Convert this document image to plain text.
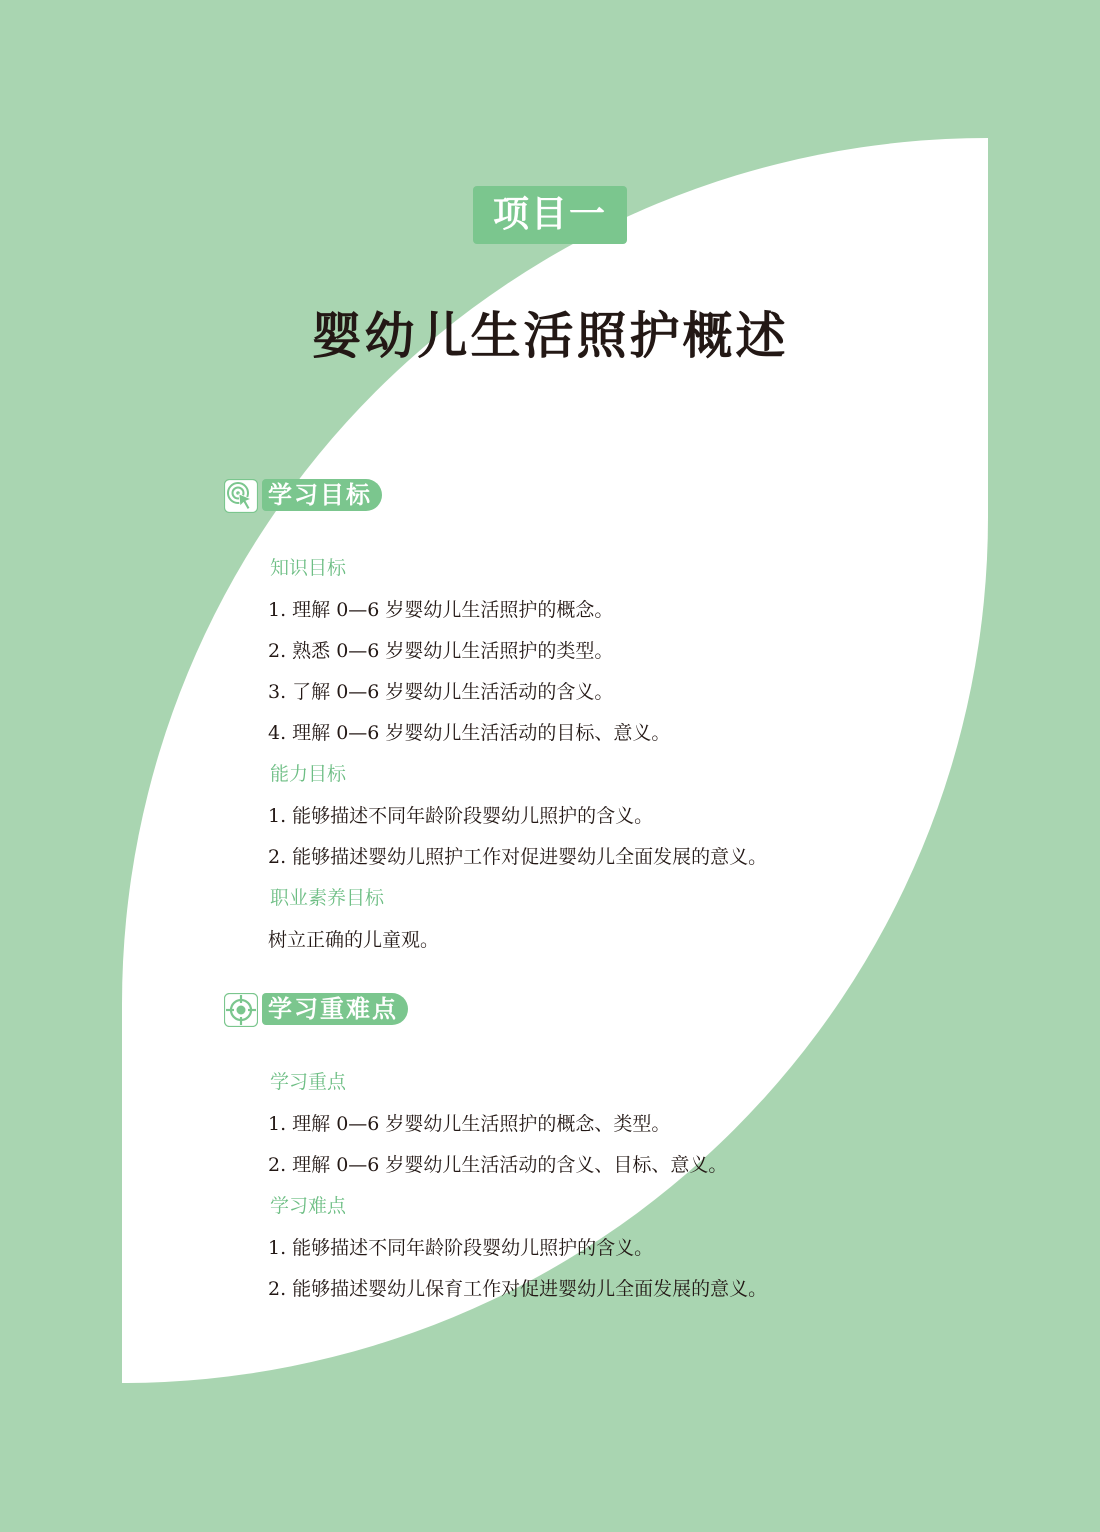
项目一
婴幼儿生活照护概述
学习目标
知识目标
1. 理解 0—6 岁婴幼儿生活照护的概念。
2. 熟悉 0—6 岁婴幼儿生活照护的类型。
3. 了解 0—6 岁婴幼儿生活活动的含义。
4. 理解 0—6 岁婴幼儿生活活动的目标、意义。
能力目标
1. 能够描述不同年龄阶段婴幼儿照护的含义。
2. 能够描述婴幼儿照护工作对促进婴幼儿全面发展的意义。
职业素养目标
树立正确的儿童观。
学习重难点
学习重点
1. 理解 0—6 岁婴幼儿生活照护的概念、类型。
2. 理解 0—6 岁婴幼儿生活活动的含义、目标、意义。
学习难点
1. 能够描述不同年龄阶段婴幼儿照护的含义。
2. 能够描述婴幼儿保育工作对促进婴幼儿全面发展的意义。
